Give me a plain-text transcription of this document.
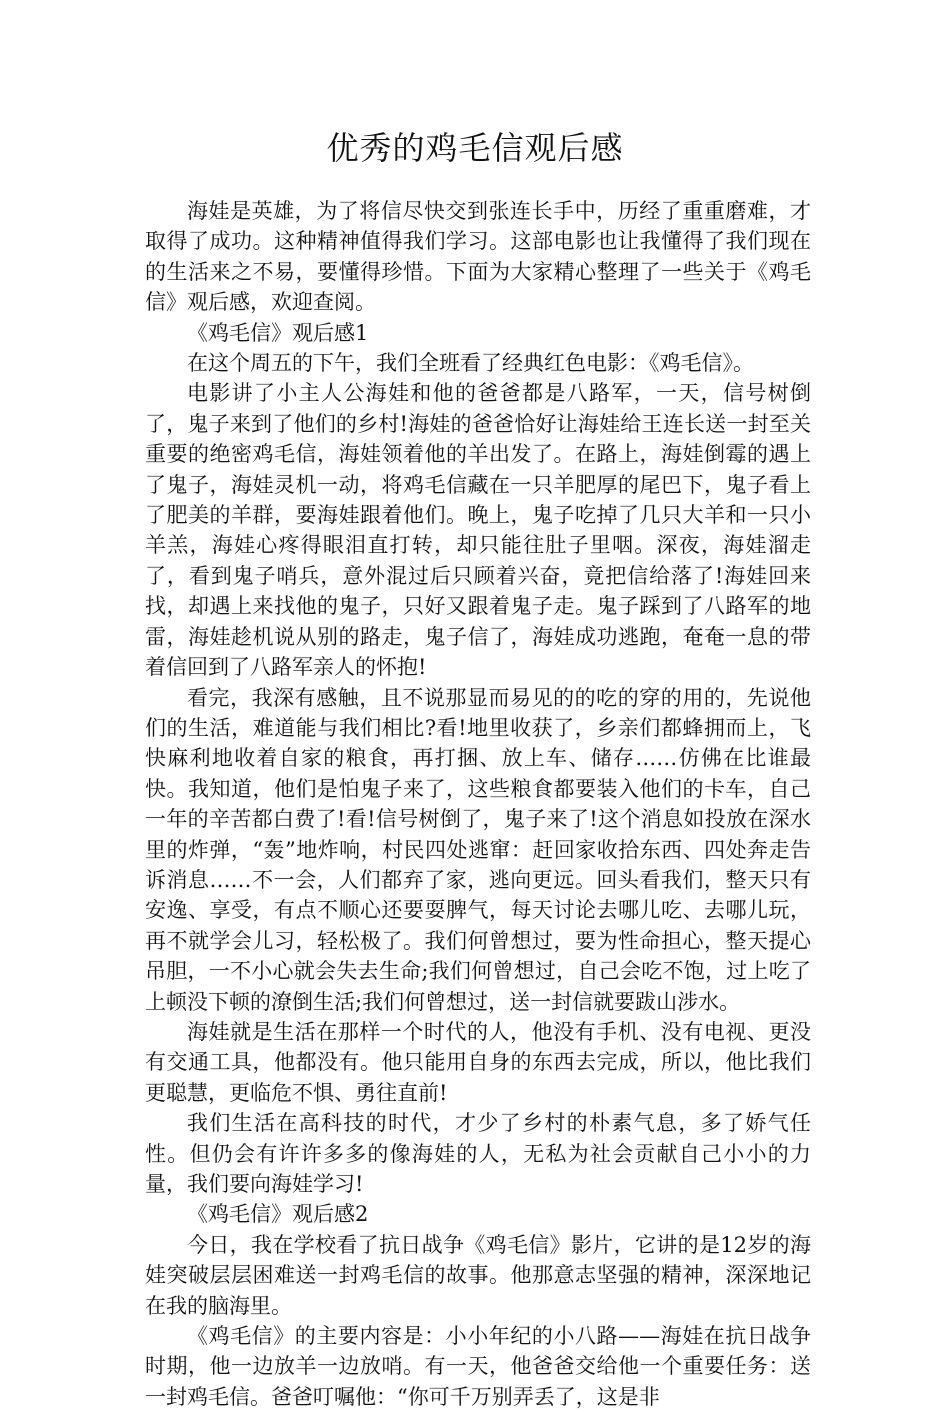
优秀的鸡毛信观后感

海娃是英雄，为了将信尽快交到张连长手中，历经了重重磨难，才取得了成功。这种精神值得我们学习。这部电影也让我懂得了我们现在的生活来之不易，要懂得珍惜。下面为大家精心整理了一些关于《鸡毛信》观后感，欢迎查阅。

《鸡毛信》观后感1

在这个周五的下午，我们全班看了经典红色电影：《鸡毛信》。

电影讲了小主人公海娃和他的爸爸都是八路军，一天，信号树倒了，鬼子来到了他们的乡村!海娃的爸爸恰好让海娃给王连长送一封至关重要的绝密鸡毛信，海娃领着他的羊出发了。在路上，海娃倒霉的遇上了鬼子，海娃灵机一动，将鸡毛信藏在一只羊肥厚的尾巴下，鬼子看上了肥美的羊群，要海娃跟着他们。晚上，鬼子吃掉了几只大羊和一只小羊羔，海娃心疼得眼泪直打转，却只能往肚子里咽。深夜，海娃溜走了，看到鬼子哨兵，意外混过后只顾着兴奋，竟把信给落了!海娃回来找，却遇上来找他的鬼子，只好又跟着鬼子走。鬼子踩到了八路军的地雷，海娃趁机说从别的路走，鬼子信了，海娃成功逃跑，奄奄一息的带着信回到了八路军亲人的怀抱!

看完，我深有感触，且不说那显而易见的的吃的穿的用的，先说他们的生活，难道能与我们相比?看!地里收获了，乡亲们都蜂拥而上，飞快麻利地收着自家的粮食，再打捆、放上车、储存……仿佛在比谁最快。我知道，他们是怕鬼子来了，这些粮食都要装入他们的卡车，自己一年的辛苦都白费了!看!信号树倒了，鬼子来了!这个消息如投放在深水里的炸弹，“轰”地炸响，村民四处逃窜：赶回家收拾东西、四处奔走告诉消息……不一会，人们都弃了家，逃向更远。回头看我们，整天只有安逸、享受，有点不顺心还要耍脾气，每天讨论去哪儿吃、去哪儿玩，再不就学会儿习，轻松极了。我们何曾想过，要为性命担心，整天提心吊胆，一不小心就会失去生命;我们何曾想过，自己会吃不饱，过上吃了上顿没下顿的潦倒生活;我们何曾想过，送一封信就要跋山涉水。

海娃就是生活在那样一个时代的人，他没有手机、没有电视、更没有交通工具，他都没有。他只能用自身的东西去完成，所以，他比我们更聪慧，更临危不惧、勇往直前!

我们生活在高科技的时代，才少了乡村的朴素气息，多了娇气任性。但仍会有许许多多的像海娃的人，无私为社会贡献自己小小的力量，我们要向海娃学习!

《鸡毛信》观后感2

今日，我在学校看了抗日战争《鸡毛信》影片，它讲的是12岁的海娃突破层层困难送一封鸡毛信的故事。他那意志坚强的精神，深深地记在我的脑海里。

《鸡毛信》的主要内容是：小小年纪的小八路——海娃在抗日战争时期，他一边放羊一边放哨。有一天，他爸爸交给他一个重要任务：送一封鸡毛信。爸爸叮嘱他：“你可千万别弄丢了，这是非
